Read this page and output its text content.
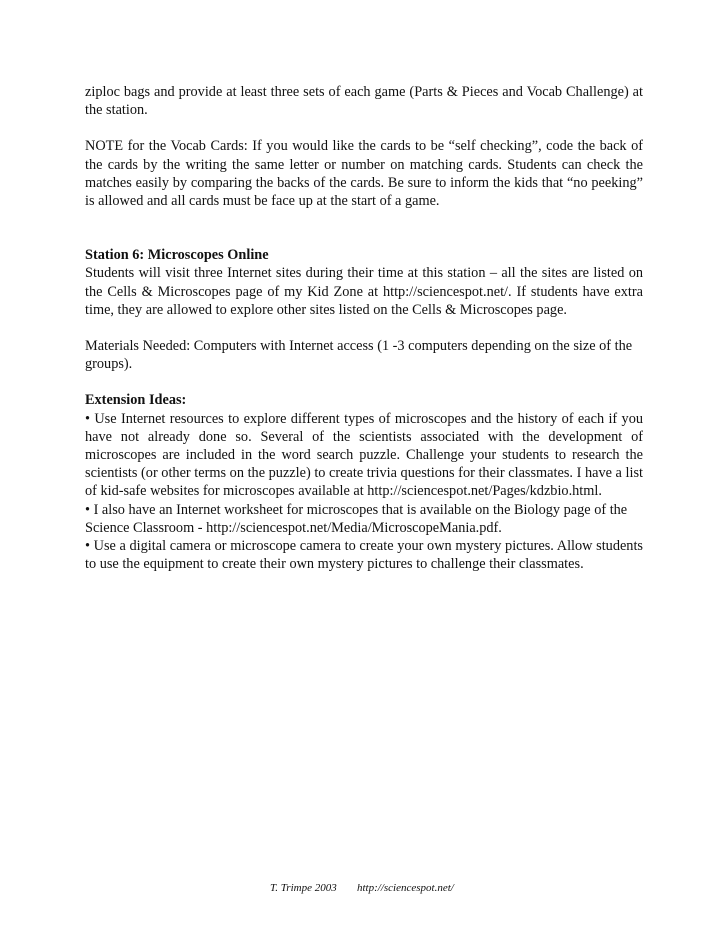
ziploc bags and provide at least three sets of each game (Parts & Pieces and Vocab Challenge) at the station.

NOTE for the Vocab Cards: If you would like the cards to be “self checking”, code the back of the cards by the writing the same letter or number on matching cards. Students can check the matches easily by comparing the backs of the cards. Be sure to inform the kids that “no peeking” is allowed and all cards must be face up at the start of a game.

Station 6: Microscopes Online

Students will visit three Internet sites during their time at this station – all the sites are listed on the Cells & Microscopes page of my Kid Zone at http://sciencespot.net/. If students have extra time, they are allowed to explore other sites listed on the Cells & Microscopes page.

Materials Needed: Computers with Internet access (1 -3 computers depending on the size of the groups).

Extension Ideas:

• Use Internet resources to explore different types of microscopes and the history of each if you have not already done so. Several of the scientists associated with the development of microscopes are included in the word search puzzle. Challenge your students to research the scientists (or other terms on the puzzle) to create trivia questions for their classmates. I have a list of kid-safe websites for microscopes available at http://sciencespot.net/Pages/kdzbio.html.

• I also have an Internet worksheet for microscopes that is available on the Biology page of the Science Classroom - http://sciencespot.net/Media/MicroscopeMania.pdf.

• Use a digital camera or microscope camera to create your own mystery pictures. Allow students to use the equipment to create their own mystery pictures to challenge their classmates.

T. Trimpe 2003 http://sciencespot.net/
